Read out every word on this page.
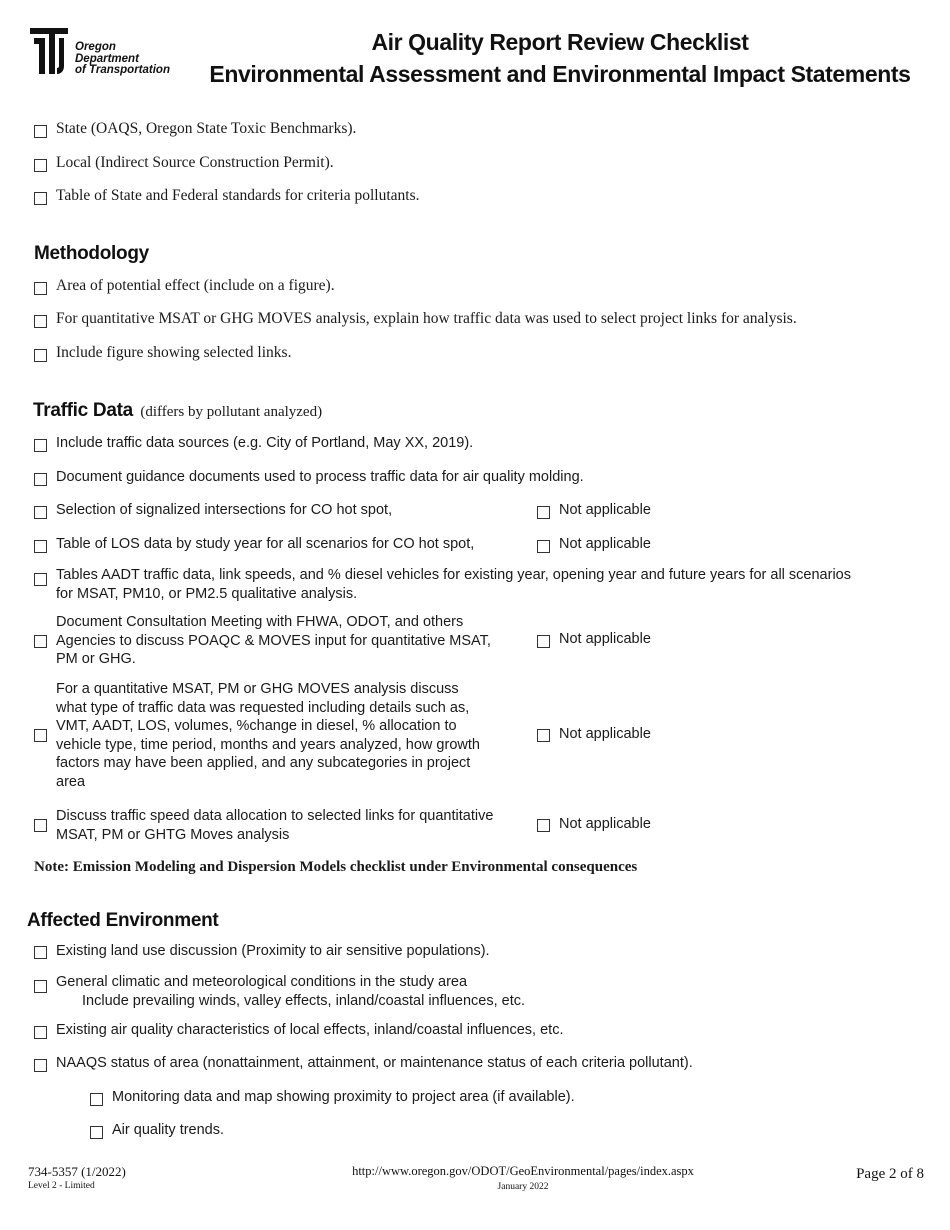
Oregon
Department
of Transportation
Air Quality Report Review Checklist
Environmental Assessment and Environmental Impact Statements
State (OAQS, Oregon State Toxic Benchmarks).
Local (Indirect Source Construction Permit).
Table of State and Federal standards for criteria pollutants.
Methodology
Area of potential effect (include on a figure).
For quantitative MSAT or GHG MOVES analysis, explain how traffic data was used to select project links for analysis.
Include figure showing selected links.
Traffic Data (differs by pollutant analyzed)
Include traffic data sources (e.g. City of Portland, May XX, 2019).
Document guidance documents used to process traffic data for air quality molding.
Selection of signalized intersections for CO hot spot,	Not applicable
Table of LOS data by study year for all scenarios for CO hot spot,	Not applicable
Tables AADT traffic data, link speeds, and % diesel vehicles for existing year, opening year and future years for all scenarios
for MSAT, PM10, or PM2.5 qualitative analysis.
Document Consultation Meeting with FHWA, ODOT, and others
Agencies to discuss POAQC & MOVES input for quantitative MSAT,
PM or GHG.
Not applicable
For a quantitative MSAT, PM or GHG MOVES analysis discuss
what type of traffic data was requested including details such as,
VMT, AADT, LOS, volumes, %change in diesel, % allocation to
vehicle type, time period, months and years analyzed, how growth
factors may have been applied, and any subcategories in project
area
Not applicable
Discuss traffic speed data allocation to selected links for quantitative
MSAT, PM or GHTG Moves analysis
Not applicable
Note: Emission Modeling and Dispersion Models checklist under Environmental consequences
Affected Environment
Existing land use discussion (Proximity to air sensitive populations).
General climatic and meteorological conditions in the study area
Include prevailing winds, valley effects, inland/coastal influences, etc.
Existing air quality characteristics of local effects, inland/coastal influences, etc.
NAAQS status of area (nonattainment, attainment, or maintenance status of each criteria pollutant).
Monitoring data and map showing proximity to project area (if available).
Air quality trends.
734-5357 (1/2022)
Level 2 - Limited
http://www.oregon.gov/ODOT/GeoEnvironmental/pages/index.aspx
January 2022
Page 2 of 8
